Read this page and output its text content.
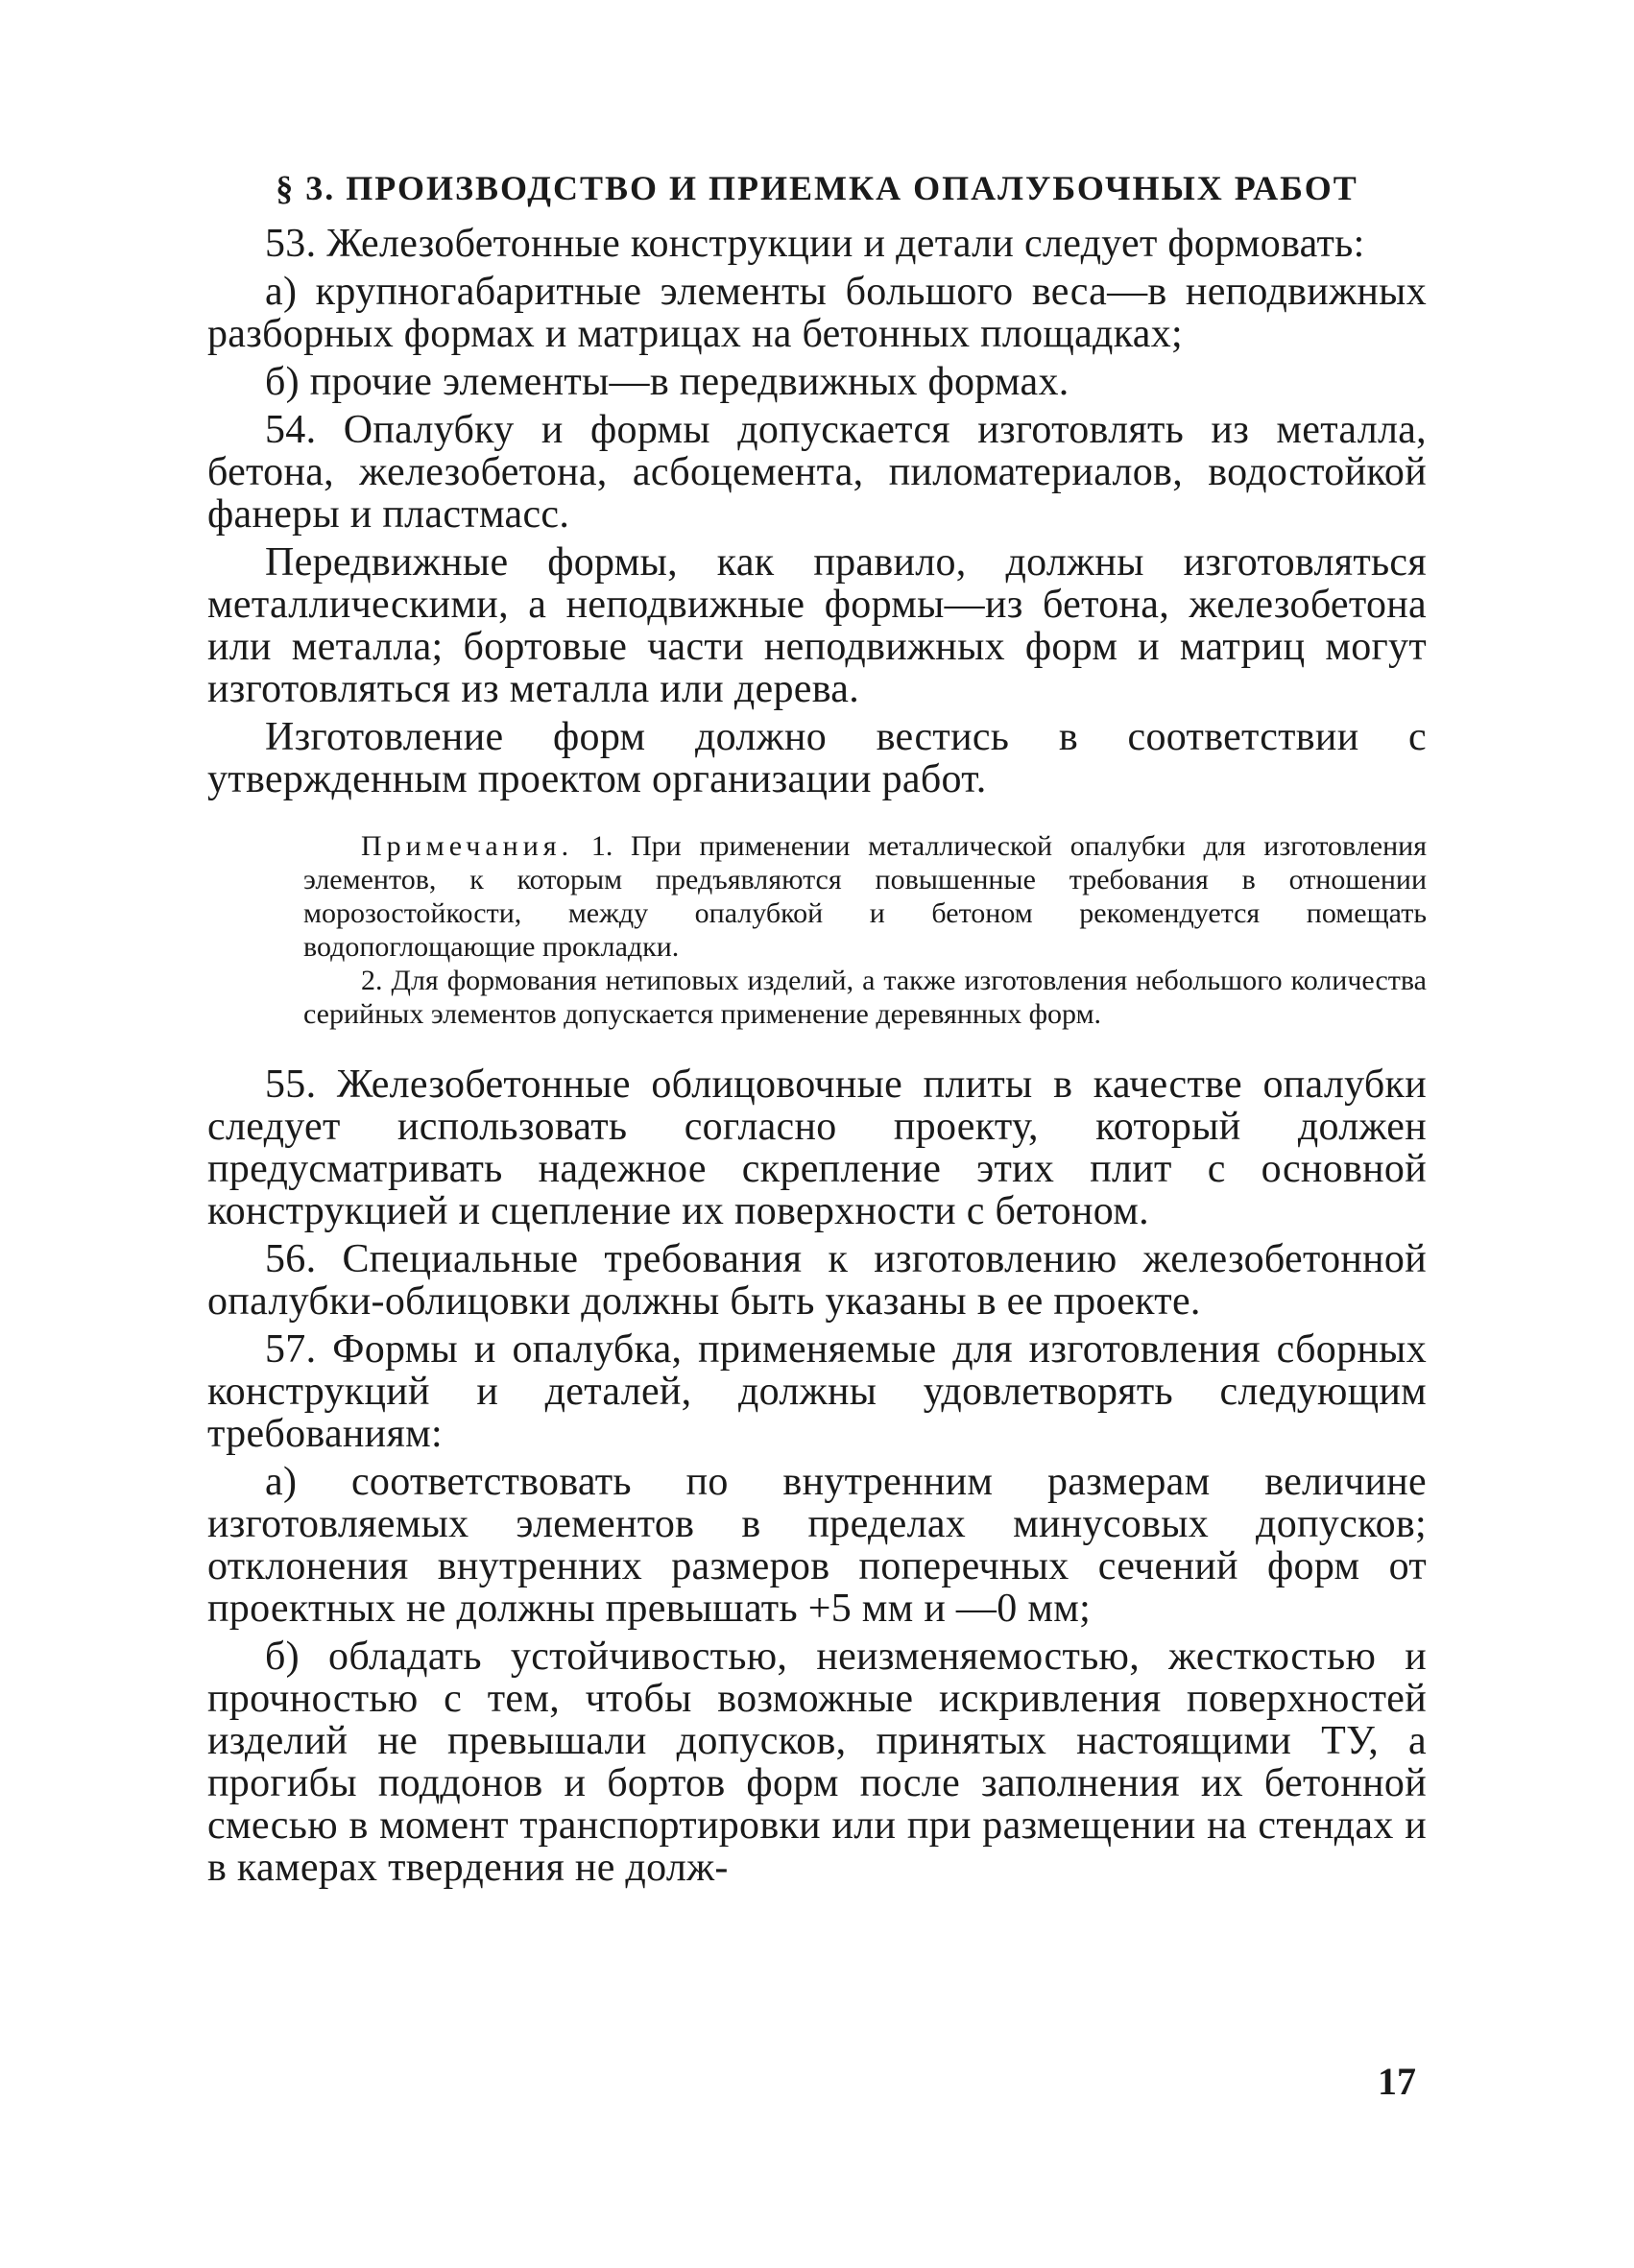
§ 3. ПРОИЗВОДСТВО И ПРИЕМКА ОПАЛУБОЧНЫХ РАБОТ

53. Железобетонные конструкции и детали следует формовать:

а) крупногабаритные элементы большого веса—в неподвижных разборных формах и матрицах на бетонных площадках;

б) прочие элементы—в передвижных формах.

54. Опалубку и формы допускается изготовлять из металла, бетона, железобетона, асбоцемента, пиломатериалов, водостойкой фанеры и пластмасс.

Передвижные формы, как правило, должны изготовляться металлическими, а неподвижные формы—из бетона, железобетона или металла; бортовые части неподвижных форм и матриц могут изготовляться из металла или дерева.

Изготовление форм должно вестись в соответствии с утвержденным проектом организации работ.

Примечания. 1. При применении металлической опалубки для изготовления элементов, к которым предъявляются повышенные требования в отношении морозостойкости, между опалубкой и бетоном рекомендуется помещать водопоглощающие прокладки.

2. Для формования нетиповых изделий, а также изготовления небольшого количества серийных элементов допускается применение деревянных форм.

55. Железобетонные облицовочные плиты в качестве опалубки следует использовать согласно проекту, который должен предусматривать надежное скрепление этих плит с основной конструкцией и сцепление их поверхности с бетоном.

56. Специальные требования к изготовлению железобетонной опалубки-облицовки должны быть указаны в ее проекте.

57. Формы и опалубка, применяемые для изготовления сборных конструкций и деталей, должны удовлетворять следующим требованиям:

а) соответствовать по внутренним размерам величине изготовляемых элементов в пределах минусовых допусков; отклонения внутренних размеров поперечных сечений форм от проектных не должны превышать +5 мм и —0 мм;

б) обладать устойчивостью, неизменяемостью, жесткостью и прочностью с тем, чтобы возможные искривления поверхностей изделий не превышали допусков, принятых настоящими ТУ, а прогибы поддонов и бортов форм после заполнения их бетонной смесью в момент транспортировки или при размещении на стендах и в камерах твердения не долж-

17
